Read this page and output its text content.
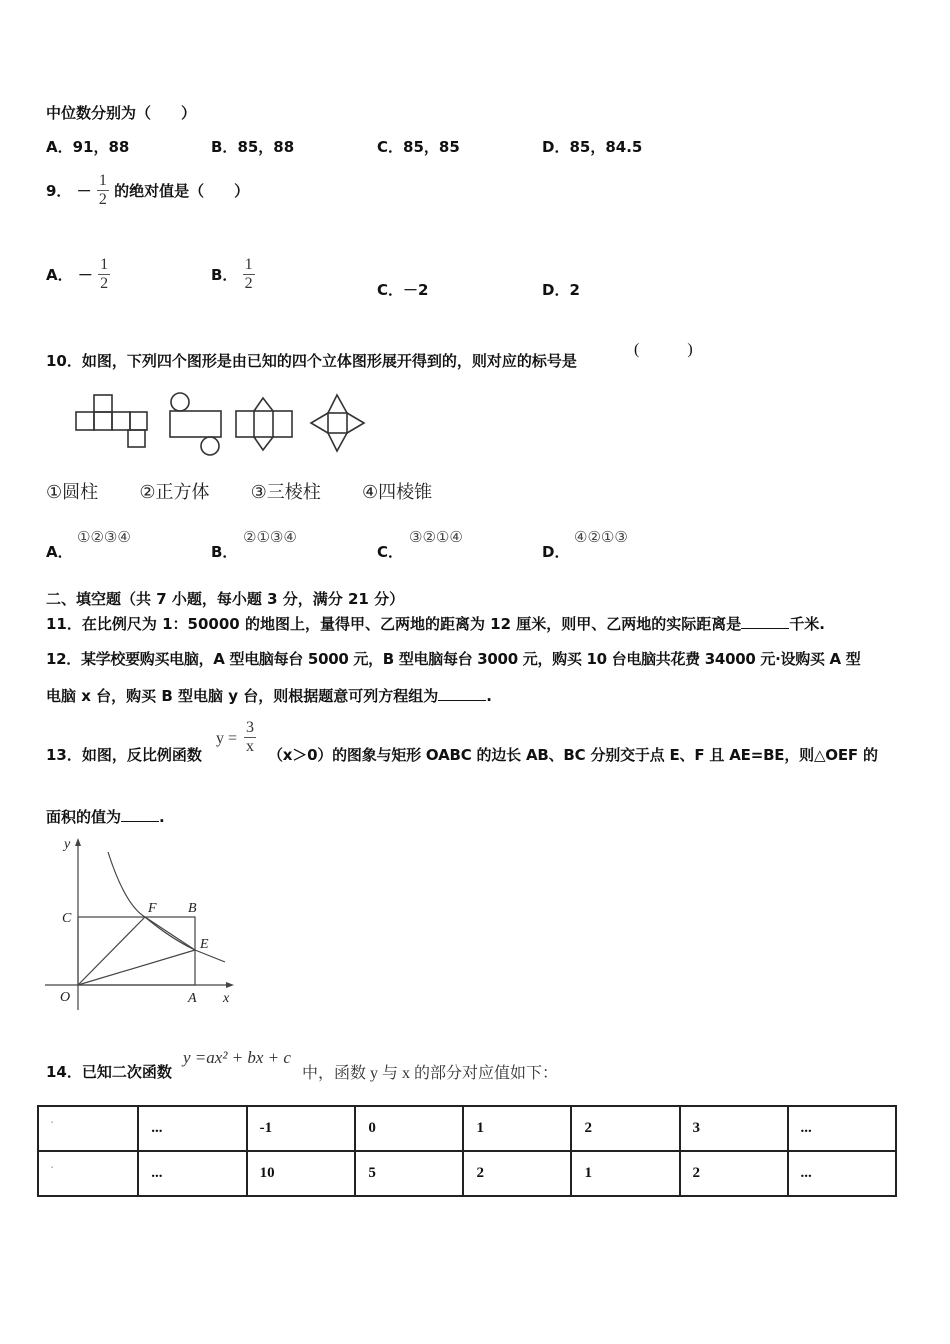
中位数分别为（　　）
A．91，88	B．85，88	C．85，85	D．85，84.5
9． － $\frac{1}{2}$ 的绝对值是（　　）
A． － $\frac{1}{2}$	B． $\frac{1}{2}$	C．－2	D．2
10．如图，下列四个图形是由已知的四个立体图形展开得到的，则对应的标号是
(　　　)
①圆柱 ②正方体 ③三棱柱 ④四棱锥
A．
①②③④
B．
②①③④
C．
③②①④
D．
④②①③
二、填空题（共 7 小题，每小题 3 分，满分 21 分）
11．在比例尺为 1：50000 的地图上，量得甲、乙两地的距离为 12 厘米，则甲、乙两地的实际距离是	千米.
12．某学校要购买电脑，A 型电脑每台 5000 元，B 型电脑每台 3000 元，购买 10 台电脑共花费 34000 元·设购买 A 型
电脑 x 台，购买 B 型电脑 y 台，则根据题意可列方程组为	.
13．如图，反比例函数
$y = \frac{3}{x} (x>0)$的图象与矩形 OABC 的边长 AB、BC 分别交于点 E、F 且 AE=BE，则△OEF 的
面积的值为	.
y
x
O	A
B
C
E
F
14．已知二次函数
y =ax² + bx + c
中，函数 y 与 x 的部分对应值如下：
▪	...	-1	0	1	2	3	...
▪	...	10	5	2	1	2	...
